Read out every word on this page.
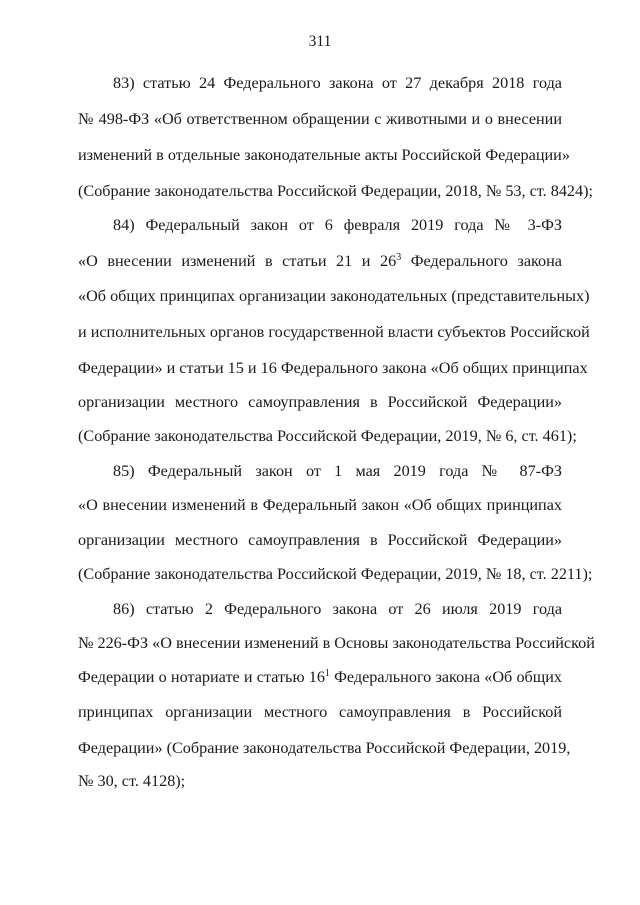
311
83) статью 24 Федерального закона от 27 декабря 2018 года
№ 498-ФЗ «Об ответственном обращении с животными и о внесении
изменений в отдельные законодательные акты Российской Федерации»
(Собрание законодательства Российской Федерации, 2018, № 53, ст. 8424);
84) Федеральный закон от 6 февраля 2019 года № 3-ФЗ
«О внесении изменений в статьи 21 и $26^3$ Федерального закона
«Об общих принципах организации законодательных (представительных)
и исполнительных органов государственной власти субъектов Российской
Федерации» и статьи 15 и 16 Федерального закона «Об общих принципах
организации местного самоуправления в Российской Федерации»
(Собрание законодательства Российской Федерации, 2019, № 6, ст. 461);
85) Федеральный закон от 1 мая 2019 года № 87-ФЗ
«О внесении изменений в Федеральный закон «Об общих принципах
организации местного самоуправления в Российской Федерации»
(Собрание законодательства Российской Федерации, 2019, № 18, ст. 2211);
86) статью 2 Федерального закона от 26 июля 2019 года
№ 226-ФЗ «О внесении изменений в Основы законодательства Российской
Федерации о нотариате и статью $16^1$ Федерального закона «Об общих
принципах организации местного самоуправления в Российской
Федерации» (Собрание законодательства Российской Федерации, 2019,
№ 30, ст. 4128);
